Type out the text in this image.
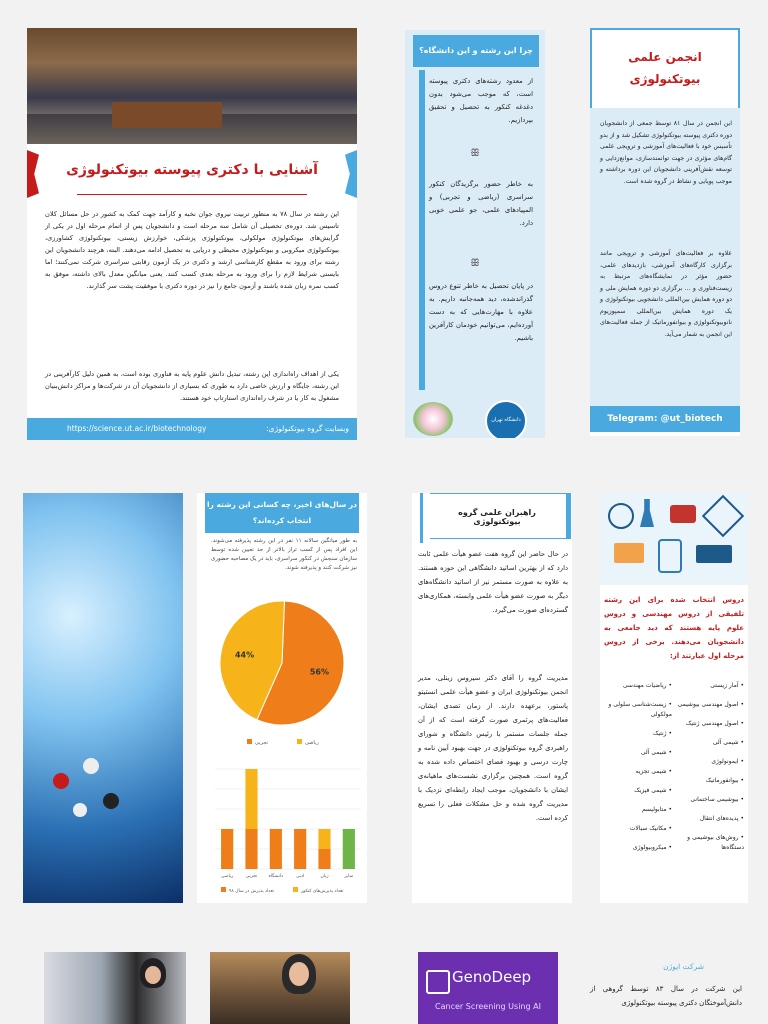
آشنایی با دکتری پیوسته بیوتکنولوژی
این رشته در سال ۷۸ به منظور تربیت نیروی جوان نخبه و کارآمد جهت کمک به کشور در حل مسائل کلان تاسیس شد. دوره‌ی تحصیلی آن شامل سه مرحله است و دانشجویان پس از اتمام مرحله اول در یکی از گرایش‌های بیوتکنولوژی مولکولی، بیوتکنولوژی پزشکی، خوارزش زیستی، بیوتکنولوژی کشاورزی، بیوتکنولوژی میکروبی و بیوتکنولوژی محیطی و دریایی به تحصیل ادامه می‌دهند. البته، هرچند دانشجویان این رشته برای ورود به مقطع کارشناسی ارشد و دکتری در یک آزمون رقابتی سراسری شرکت نمی‌کنند؛ اما بایستی شرایط لازم را برای ورود به مرحله بعدی کسب کنند. یعنی میانگین معدل بالای داشته، موفق به کسب نمره زبان شده باشند و آزمون جامع را نیز در دوره دکتری با موفقیت پشت سر گذارند.
یکی از اهداف راه‌اندازی این رشته، تبدیل دانش علوم پایه به فناوری بوده است، به همین دلیل کارآفرینی در این رشته، جایگاه و ارزش خاصی دارد به طوری که بسیاری از دانشجویان آن در شرکت‌ها و مراکز دانش‌بنیان مشغول به کار یا در شرف راه‌اندازی استارتاپ خود هستند.
وبسایت گروه بیوتکنولوژی:
https://science.ut.ac.ir/biotechnology
چرا این رشته و این دانشگاه؟
از معدود رشته‌های دکتری پیوسته است، که موجب می‌شود بدون دغدغه کنکور به تحصیل و تحقیق بپردازیم.
ꕥ
به خاطر حضور برگزیدگان کنکور سراسری (ریاضی و تجربی) و المپیادهای علمی، جو علمی خوبی دارد.
ꕥ
در پایان تحصیل به خاطر تنوع دروس گذراندشده، دید همه‌جانبه داریم. به علاوه با مهارت‌هایی که به دست آورده‌ایم، می‌توانیم خودمان کارآفرین باشیم.
دانشگاه تهران
انجمن علمی بیوتکنولوژی
این انجمن در سال ۸۱ توسط جمعی از دانشجویان دوره دکتری پیوسته بیوتکنولوژی تشکیل شد و از بدو تأسیس خود با فعالیت‌های آموزشی و ترویجی علمی گام‌های مؤثری در جهت توانمندسازی، موانع‌زدایی و توسعه نقش‌آفرینی دانشجویان این دوره برداشته و موجب پویایی و نشاط در گروه شده است.
علاوه بر فعالیت‌های آموزشی و ترویجی مانند برگزاری کارگاه‌های آموزشی، بازدیدهای علمی، حضور مؤثر در نمایشگاه‌های مرتبط به زیست‌فناوری و ... برگزاری دو دوره همایش ملی و دو دوره همایش بین‌المللی دانشجویی بیوتکنولوژی و یک دوره همایش بین‌المللی سمپوزیوم نانوبیوتکنولوژی و بیوانفورماتیک از جمله فعالیت‌های این انجمن به شمار می‌آید.
Telegram: @ut_biotech
در سال‌های اخیر، چه کسانی این رشته را انتخاب کرده‌اند؟
به طور میانگین سالانه ۱۱ نفر در این رشته پذیرفته می‌شوند. این افراد پس از کسب تراز بالاتر از حد تعیین شده توسط سازمان سنجش در کنکور سراسری، باید در یک مصاحبه حضوری نیز شرکت کنند و پذیرفته شوند.
56%
44%
تجربی	ریاضی
ریاضی	تجربی دانشگاه	ادبی	زبان	سایر
تعداد پذیرش در سال ۹۸	تعداد پذیرش‌های کنکور
راهبران علمی گروه بیوتکنولوژی
در حال حاضر این گروه هفت عضو هیأت علمی ثابت دارد که از بهترین اساتید دانشگاهی این حوزه هستند. به علاوه به صورت مستمر نیز از اساتید دانشگاه‌های دیگر به صورت عضو هیأت علمی وابسته، همکاری‌های گسترده‌ای صورت می‌گیرد.
مدیریت گروه را آقای دکتر سیروس زینلی، مدیر انجمن بیوتکنولوژی ایران و عضو هیأت علمی انستیتو پاستور، برعهده دارند. از زمان تصدی ایشان، فعالیت‌های پرثمری صورت گرفته است که از آن جمله جلسات مستمر با رئیس دانشگاه و شورای راهبردی گروه بیوتکنولوژی در جهت بهبود آیین نامه و چارت درسی و بهبود فضای اختصاص داده شده به گروه است. همچنین برگزاری نشست‌های ماهیانه‌ی ایشان با دانشجویان، موجب ایجاد رابطه‌ای نزدیک با مدیریت گروه شده و حل مشکلات فعلی را تسریع کرده است.
دروس انتخاب شده برای این رشته تلفیقی از دروس مهندسی و دروس علوم پایه هستند که دید جامعی به دانشجویان می‌دهند. برخی از دروس مرحله اول عبارتند از:
• آمار زیستی
• اصول مهندسی بیوشیمی
• اصول مهندسی ژنتیک
• شیمی آلی
• ایمونولوژی
• بیوانفورماتیک
• بیوشیمی ساختمانی
• پدیده‌های انتقال
• روش‌های بیوشیمی و دستگاه‌ها
• ریاضیات مهندسی
• زیست‌شناسی سلولی و مولکولی
• ژنتیک
• شیمی آلی
• شیمی تجزیه
• شیمی فیزیک
• متابولیسم
• مکانیک سیالات
• میکروبیولوژی
GenoDeep
Cancer Screening Using AI
شرکت ایوژن
این شرکت در سال ۸۳ توسط گروهی از دانش‌آموختگان دکتری پیوسته بیوتکنولوژی
